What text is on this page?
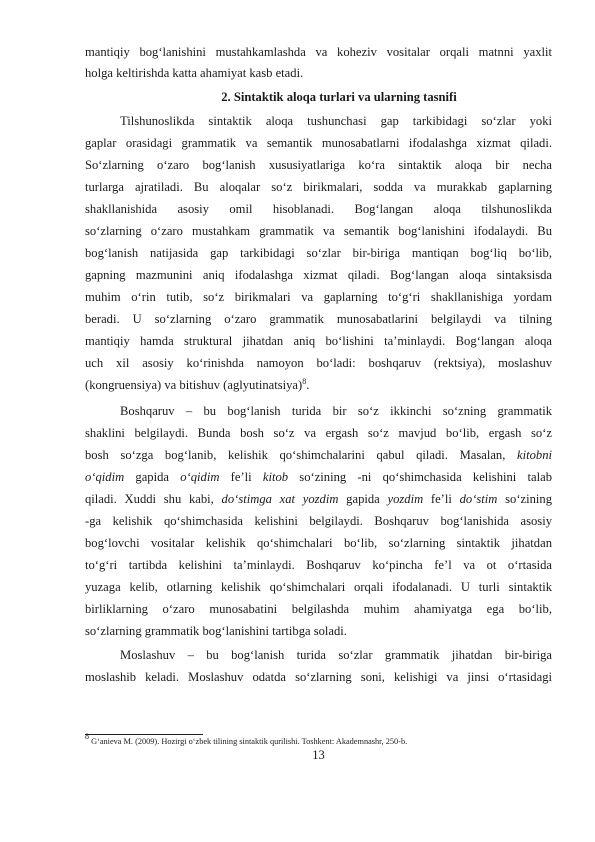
mantiqiy bog‘lanishini mustahkamlashda va koheziv vositalar orqali matnni yaxlit
holga keltirishda katta ahamiyat kasb etadi.
2. Sintaktik aloqa turlari va ularning tasnifi
Tilshunoslikda sintaktik aloqa tushunchasi gap tarkibidagi so‘zlar yoki
gaplar orasidagi grammatik va semantik munosabatlarni ifodalashga xizmat qiladi.
So‘zlarning o‘zaro bog‘lanish xususiyatlariga ko‘ra sintaktik aloqa bir necha
turlarga ajratiladi. Bu aloqalar so‘z birikmalari, sodda va murakkab gaplarning
shakllanishida asosiy omil hisoblanadi. Bog‘langan aloqa tilshunoslikda
so‘zlarning o‘zaro mustahkam grammatik va semantik bog‘lanishini ifodalaydi. Bu
bog‘lanish natijasida gap tarkibidagi so‘zlar bir-biriga mantiqan bog‘liq bo‘lib,
gapning mazmunini aniq ifodalashga xizmat qiladi. Bog‘langan aloqa sintaksisda
muhim o‘rin tutib, so‘z birikmalari va gaplarning to‘g‘ri shakllanishiga yordam
beradi. U so‘zlarning o‘zaro grammatik munosabatlarini belgilaydi va tilning
mantiqiy hamda struktural jihatdan aniq bo‘lishini ta’minlaydi. Bog‘langan aloqa
uch xil asosiy ko‘rinishda namoyon bo‘ladi: boshqaruv (rektsiya), moslashuv
(kongruensiya) va bitishuv (aglyutinatsiya)$^8$.
Boshqaruv – bu bog‘lanish turida bir so‘z ikkinchi so‘zning grammatik
shaklini belgilaydi. Bunda bosh so‘z va ergash so‘z mavjud bo‘lib, ergash so‘z
bosh so‘zga bog‘lanib, kelishik qo‘shimchalarini qabul qiladi. Masalan, kitobni
o‘qidim gapida o‘qidim fe’li kitob so‘zining -ni qo‘shimchasida kelishini talab
qiladi. Xuddi shu kabi, do‘stimga xat yozdim gapida yozdim fe’li do‘stim so‘zining
-ga kelishik qo‘shimchasida kelishini belgilaydi. Boshqaruv bog‘lanishida asosiy
bog‘lovchi vositalar kelishik qo‘shimchalari bo‘lib, so‘zlarning sintaktik jihatdan
to‘g‘ri tartibda kelishini ta’minlaydi. Boshqaruv ko‘pincha fe’l va ot o‘rtasida
yuzaga kelib, otlarning kelishik qo‘shimchalari orqali ifodalanadi. U turli sintaktik
birliklarning o‘zaro munosabatini belgilashda muhim ahamiyatga ega bo‘lib,
so‘zlarning grammatik bog‘lanishini tartibga soladi.
Moslashuv – bu bog‘lanish turida so‘zlar grammatik jihatdan bir-biriga
moslashib keladi. Moslashuv odatda so‘zlarning soni, kelishigi va jinsi o‘rtasidagi
$^8$ G‘anieva M. (2009). Hozirgi o‘zbek tilining sintaktik qurilishi. Toshkent: Akademnashr, 250-b.
13
